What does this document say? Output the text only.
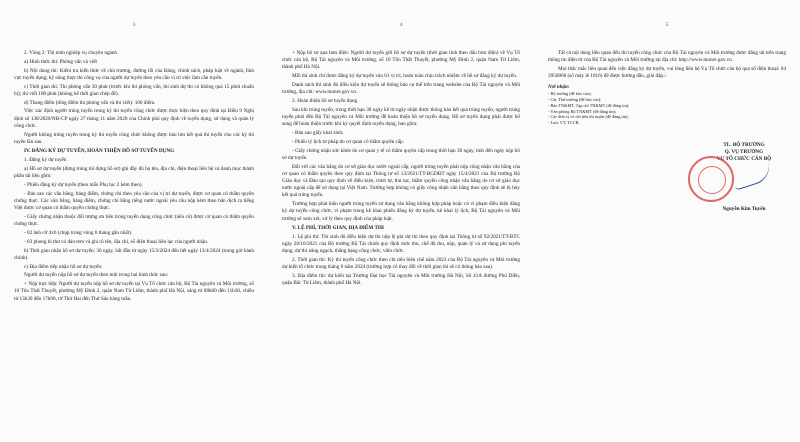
3

2. Vòng 2: Thi môn nghiệp vụ chuyên ngành

a) Hình thức thi: Phỏng vấn và viết

b) Nội dung thi: Kiểm tra kiến thức về chủ trương, đường lối của Đảng, chính sách, pháp luật về ngành, lĩnh vực tuyển dụng; kỹ năng thực thi công vụ của người dự tuyển theo yêu cầu vị trí việc làm cần tuyển.

c) Thời gian thi: Thi phỏng vấn 30 phút (trước khi thi phỏng vấn, thí sinh dự thi có không quá 15 phút chuẩn bị); thi viết 180 phút (không kể thời gian chép đề).

d) Thang điểm (tổng điểm thi phỏng vấn và thi viết): 100 điểm.

Việc xác định người trúng tuyển trong kỳ thi tuyển công chức được thực hiện theo quy định tại Điều 9 Nghị định số 138/2020/NĐ-CP ngày 27 tháng 11 năm 2020 của Chính phủ quy định về tuyển dụng, sử dụng và quản lý công chức.

Người không trúng tuyển trong kỳ thi tuyển công chức không được bảo lưu kết quả thi tuyển cho các kỳ thi tuyển lần sau.

IV. ĐĂNG KÝ DỰ TUYỂN, HOÀN THIỆN HỒ SƠ TUYỂN DỤNG

1. Đăng ký dự tuyển

a) Hồ sơ dự tuyển (đựng trong túi đựng hồ sơ) ghi đầy đủ họ tên, địa chỉ, điện thoại liên hệ và danh mục thành phần tài liệu gồm:

- Phiếu đăng ký dự tuyển (theo mẫu Phụ lục 2 kèm theo).

- Bản sao các văn bằng, bảng điểm, chứng chỉ theo yêu cầu của vị trí dự tuyển, được cơ quan có thẩm quyền chứng thực. Các văn bằng, bảng điểm, chứng chỉ bằng tiếng nước ngoài yêu cầu nộp kèm theo bản dịch ra tiếng Việt được cơ quan có thẩm quyền chứng thực.

- Giấy chứng nhận thuộc đối tượng ưu tiên trong tuyển dụng công chức (nếu có) được cơ quan có thẩm quyền chứng thực.

- 02 ảnh cỡ 4x6 (chụp trong vòng 6 tháng gần nhất).

- 03 phong bì thư có dán tem và ghi rõ tên, địa chỉ, số điện thoại liên lạc của người nhận.

b) Thời gian nhận hồ sơ dự tuyển: 30 ngày, bắt đầu từ ngày 15/3/2024 đến hết ngày 13/4/2024 (trong giờ hành chính).

c) Địa điểm tiếp nhận hồ sơ dự tuyển:

Người dự tuyển nộp hồ sơ dự tuyển theo một trong hai hình thức sau:

+ Nộp trực tiếp: Người dự tuyển nộp hồ sơ dự tuyển tại Vụ Tổ chức cán bộ, Bộ Tài nguyên và Môi trường, số 10 Tôn Thất Thuyết, phường Mỹ Đình 2, quận Nam Từ Liêm, thành phố Hà Nội, sáng từ 08h00 đến 11h30, chiều từ 13h30 đến 17h00, từ Thứ Hai đến Thứ Sáu hàng tuần.

4

+ Nộp hồ sơ qua bưu điện: Người dự tuyển gửi hồ sơ dự tuyển (thời gian tính theo dấu bưu điện) về Vụ Tổ chức cán bộ, Bộ Tài nguyên và Môi trường, số 10 Tôn Thất Thuyết, phường Mỹ Đình 2, quận Nam Từ Liêm, thành phố Hà Nội.

Mỗi thí sinh chỉ được đăng ký dự tuyển vào 01 vị trí, hoàn toàn chịu trách nhiệm về hồ sơ đăng ký dự tuyển.

Danh sách thí sinh đủ điều kiện dự tuyển sẽ thông báo cụ thể trên trang website của Bộ Tài nguyên và Môi trường, địa chỉ: www.monre.gov.vn.

2. Hoàn thiện hồ sơ tuyển dụng

Sau khi trúng tuyển, trong thời hạn 30 ngày kể từ ngày nhận được thông báo kết quả trúng tuyển, người trúng tuyển phải đến Bộ Tài nguyên và Môi trường để hoàn thiện hồ sơ tuyển dụng. Hồ sơ tuyển dụng phải được bổ sung để hoàn thiện trước khi ký quyết định tuyển dụng, bao gồm:

- Bản sao giấy khai sinh;

- Phiếu lý lịch tư pháp do cơ quan có thẩm quyền cấp.

- Giấy chứng nhận sức khỏe do cơ quan y tế có thẩm quyền cấp trong thời hạn 30 ngày, tính đến ngày nộp hồ sơ dự tuyển.

Đối với các văn bằng do cơ sở giáo dục nước ngoài cấp, người trúng tuyển phải nộp công nhận văn bằng của cơ quan có thẩm quyền theo quy định tại Thông tư số 13/2021/TT-BGDĐT ngày 15/4/2021 của Bộ trưởng Bộ Giáo dục và Đào tạo quy định về điều kiện, trình tự, thủ tục, thẩm quyền công nhận văn bằng do cơ sở giáo dục nước ngoài cấp để sử dụng tại Việt Nam. Trường hợp không có giấy công nhận văn bằng theo quy định sẽ bị hủy kết quả trúng tuyển.

Trường hợp phát hiện người trúng tuyển sử dụng văn bằng không hợp pháp hoặc có vi phạm điều kiện đăng ký dự tuyển công chức, vi phạm trong kê khai phiếu đăng ký dự tuyển, kê khai lý lịch, Bộ Tài nguyên và Môi trường sẽ xem xét, xử lý theo quy định của pháp luật.

V. LỆ PHÍ, THỜI GIAN, ĐỊA ĐIỂM THI

1. Lệ phí thi: Thí sinh đủ điều kiện dự thi nộp lệ phí dự thi theo quy định tại Thông tư số 92/2021/TT-BTC ngày 28/10/2021 của Bộ trưởng Bộ Tài chính quy định mức thu, chế độ thu, nộp, quản lý và sử dụng phí tuyển dụng, dự thi nâng ngạch, thăng hạng công chức, viên chức.

2. Thời gian thi: Kỳ thi tuyển công chức theo chỉ tiêu biên chế năm 2023 của Bộ Tài nguyên và Môi trường dự kiến tổ chức trong tháng 6 năm 2024 (trường hợp có thay đổi về thời gian thi sẽ có thông báo sau).

3. Địa điểm thi: dự kiến tại Trường Đại học Tài nguyên và Môi trường Hà Nội, Số 41A đường Phú Diễn, quận Bắc Từ Liêm, thành phố Hà Nội.

5

Tất cả nội dung liên quan đến thi tuyển công chức của Bộ Tài nguyên và Môi trường được đăng tải trên trang thông tin điện tử của Bộ Tài nguyên và Môi trường tại địa chỉ: http://www.monre.gov.vn.

Mọi thắc mắc liên quan đến việc đăng ký dự tuyển, vui lòng liên hệ Vụ Tổ chức cán bộ qua số điện thoại: 04 3956868 (số máy lẻ 1816) để được hướng dẫn, giải đáp./.

Nơi nhận:
- Bộ trưởng (để báo cáo);
- Các Thứ trưởng (để báo cáo);
- Báo TN&MT, Tạp chí TN&MT (để đăng tin);
- Văn phòng Bộ TN&MT (để đăng tin);
- Các đơn vị có chỉ tiêu thi tuyển (để đăng tin);
- Lưu: VT, TCCB.
TL. BỘ TRƯỞNG
Q. VỤ TRƯỞNG
VỤ TỔ CHỨC CÁN BỘ
Nguyễn Kim Tuyến
